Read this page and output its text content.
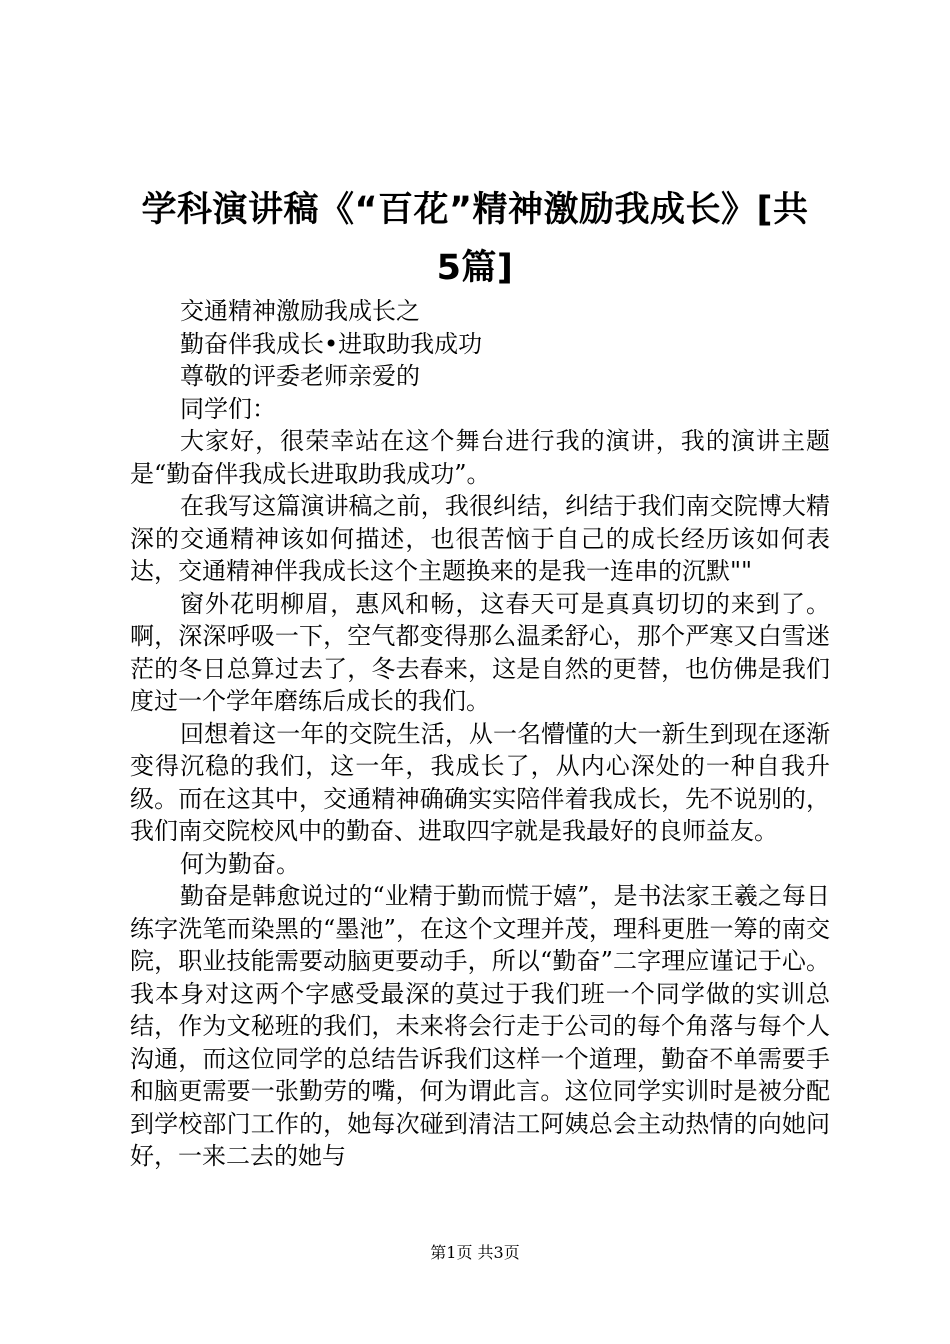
学科演讲稿《“百花”精神激励我成长》[共
5篇]

交通精神激励我成长之

勤奋伴我成长•进取助我成功

尊敬的评委老师亲爱的

同学们：

大家好，很荣幸站在这个舞台进行我的演讲，我的演讲主题是“勤奋伴我成长进取助我成功”。

在我写这篇演讲稿之前，我很纠结，纠结于我们南交院博大精深的交通精神该如何描述，也很苦恼于自己的成长经历该如何表达，交通精神伴我成长这个主题换来的是我一连串的沉默""

窗外花明柳眉，惠风和畅，这春天可是真真切切的来到了。啊，深深呼吸一下，空气都变得那么温柔舒心，那个严寒又白雪迷茫的冬日总算过去了，冬去春来，这是自然的更替，也仿佛是我们度过一个学年磨练后成长的我们。

回想着这一年的交院生活，从一名懵懂的大一新生到现在逐渐变得沉稳的我们，这一年，我成长了，从内心深处的一种自我升级。而在这其中，交通精神确确实实陪伴着我成长，先不说别的，我们南交院校风中的勤奋、进取四字就是我最好的良师益友。

何为勤奋。

勤奋是韩愈说过的“业精于勤而慌于嬉”，是书法家王羲之每日练字洗笔而染黑的“墨池”，在这个文理并茂，理科更胜一筹的南交院，职业技能需要动脑更要动手，所以“勤奋”二字理应谨记于心。我本身对这两个字感受最深的莫过于我们班一个同学做的实训总结，作为文秘班的我们，未来将会行走于公司的每个角落与每个人沟通，而这位同学的总结告诉我们这样一个道理，勤奋不单需要手和脑更需要一张勤劳的嘴，何为谓此言。这位同学实训时是被分配到学校部门工作的，她每次碰到清洁工阿姨总会主动热情的向她问好，一来二去的她与

第1页 共3页
